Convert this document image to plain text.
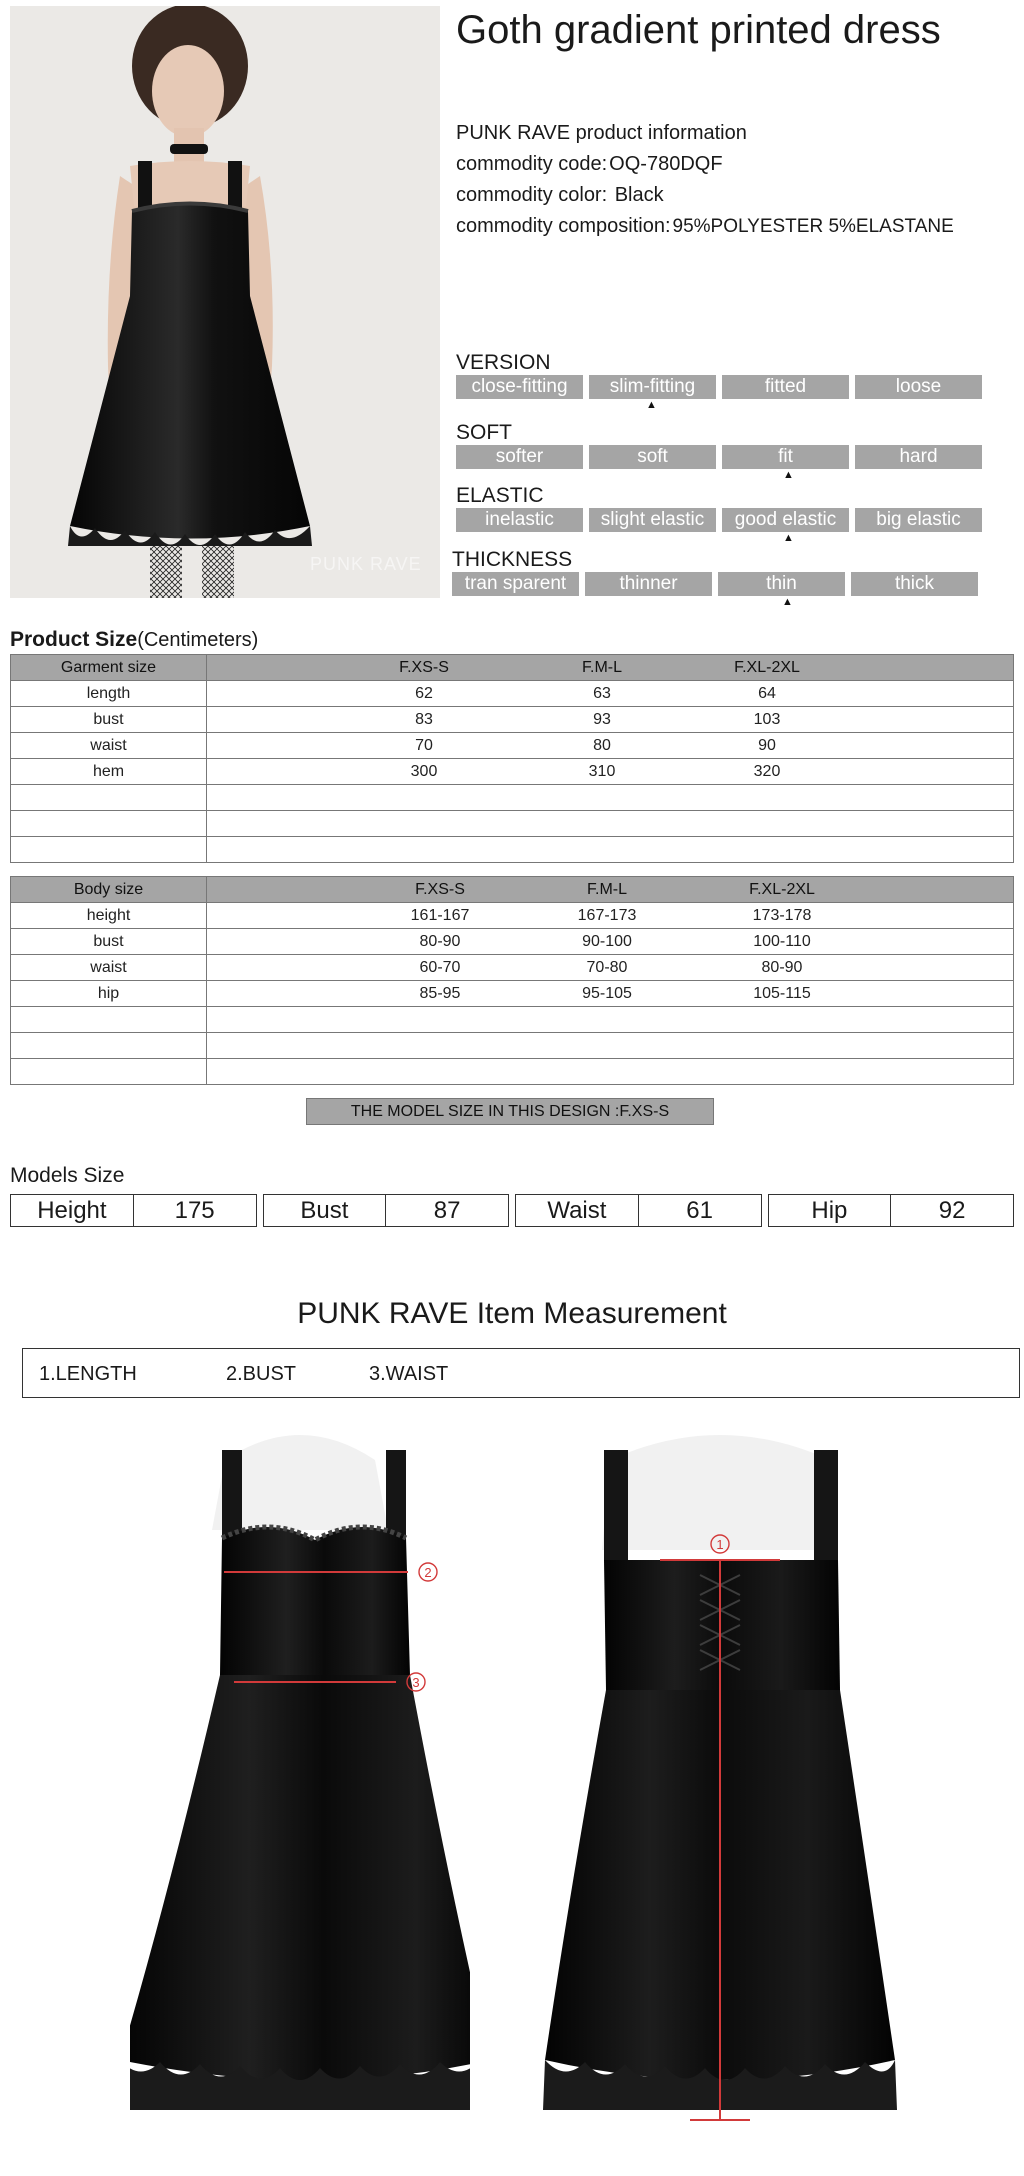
PUNK RAVE
Goth gradient printed dress
PUNK RAVE product information
commodity code: OQ-780DQF
commodity color: Black
commodity composition: 95%POLYESTER 5%ELASTANE
VERSION
close-fitting	slim-fitting	fitted	loose
▲
SOFT
softer	soft	fit	hard
▲
ELASTIC
inelastic	slight elastic	good elastic	big elastic
▲
THICKNESS
tran sparent	thinner	thin	thick
▲
Product Size(Centimeters)
Garment size	F.XS-S F.M-L F.XL-2XL

length	62 63 64

bust	83 93 103

waist	70 80 90

hem	300 310 320

Body size	F.XS-S F.M-L F.XL-2XL

height	161-167 167-173 173-178

bust	80-90 90-100 100-110

waist	60-70 70-80 80-90

hip	85-95 95-105 105-115

THE MODEL SIZE IN THIS DESIGN :F.XS-S
Models Size
Height	175	Bust	87	Waist	61	Hip	92
PUNK RAVE Item Measurement
1.LENGTH	2.BUST	3.WAIST
2
3
1
